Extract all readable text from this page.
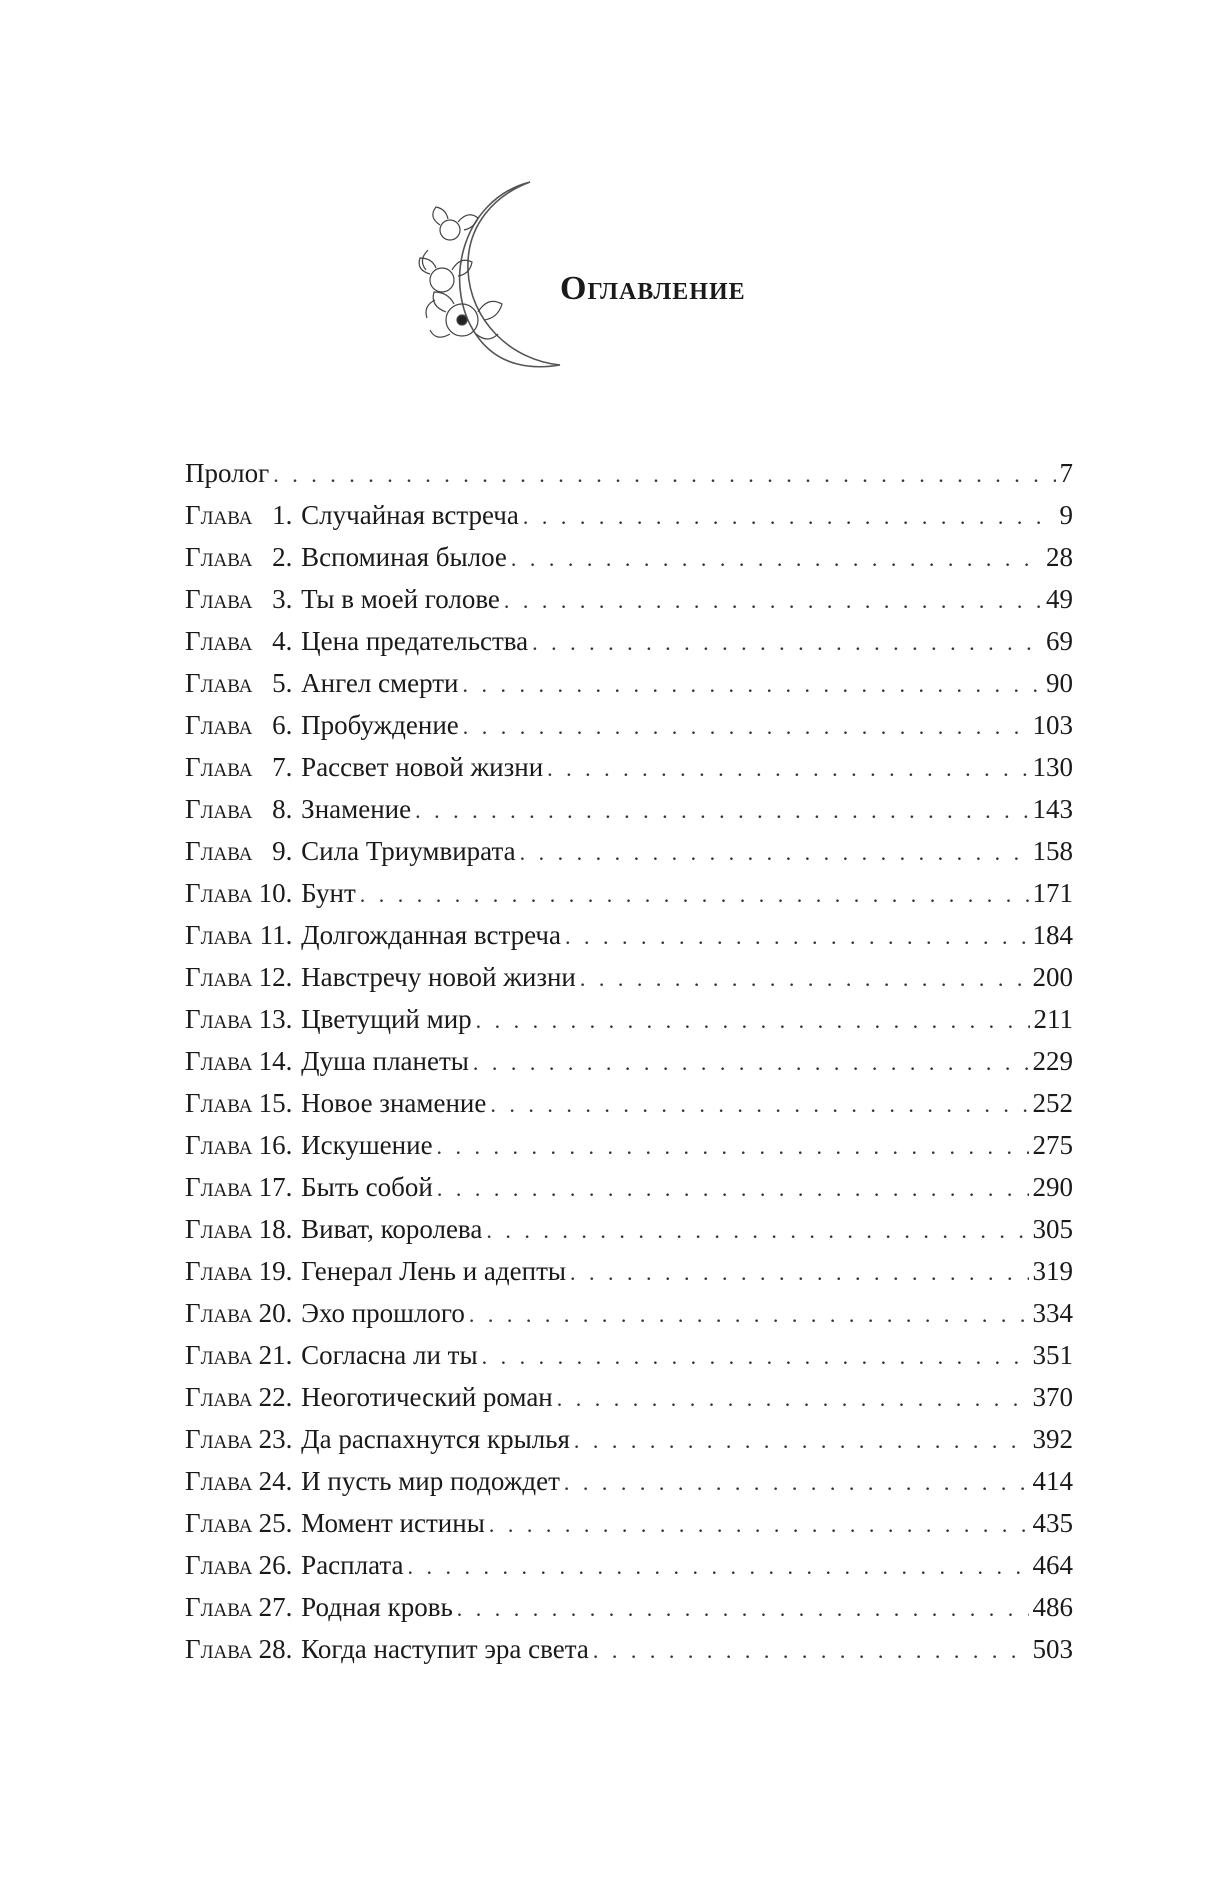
Оглавление
Пролог . . .	7
Глава 1. Случайная встреча . . .	9
Глава 2. Вспоминая былое . . .	28
Глава 3. Ты в моей голове . . .	49
Глава 4. Цена предательства . . .	69
Глава 5. Ангел смерти . . .	90
Глава 6. Пробуждение . . .	103
Глава 7. Рассвет новой жизни . . .	130
Глава 8. Знамение . . .	143
Глава 9. Сила Триумвирата . . .	158
Глава 10. Бунт . . .	171
Глава 11. Долгожданная встреча . . .	184
Глава 12. Навстречу новой жизни . . .	200
Глава 13. Цветущий мир . . .	211
Глава 14. Душа планеты . . .	229
Глава 15. Новое знамение . . .	252
Глава 16. Искушение . . .	275
Глава 17. Быть собой . . .	290
Глава 18. Виват, королева . . .	305
Глава 19. Генерал Лень и адепты . . .	319
Глава 20. Эхо прошлого . . .	334
Глава 21. Согласна ли ты . . .	351
Глава 22. Неоготический роман . . .	370
Глава 23. Да распахнутся крылья . . .	392
Глава 24. И пусть мир подождет . . .	414
Глава 25. Момент истины . . .	435
Глава 26. Расплата . . .	464
Глава 27. Родная кровь . . .	486
Глава 28. Когда наступит эра света . . .	503
